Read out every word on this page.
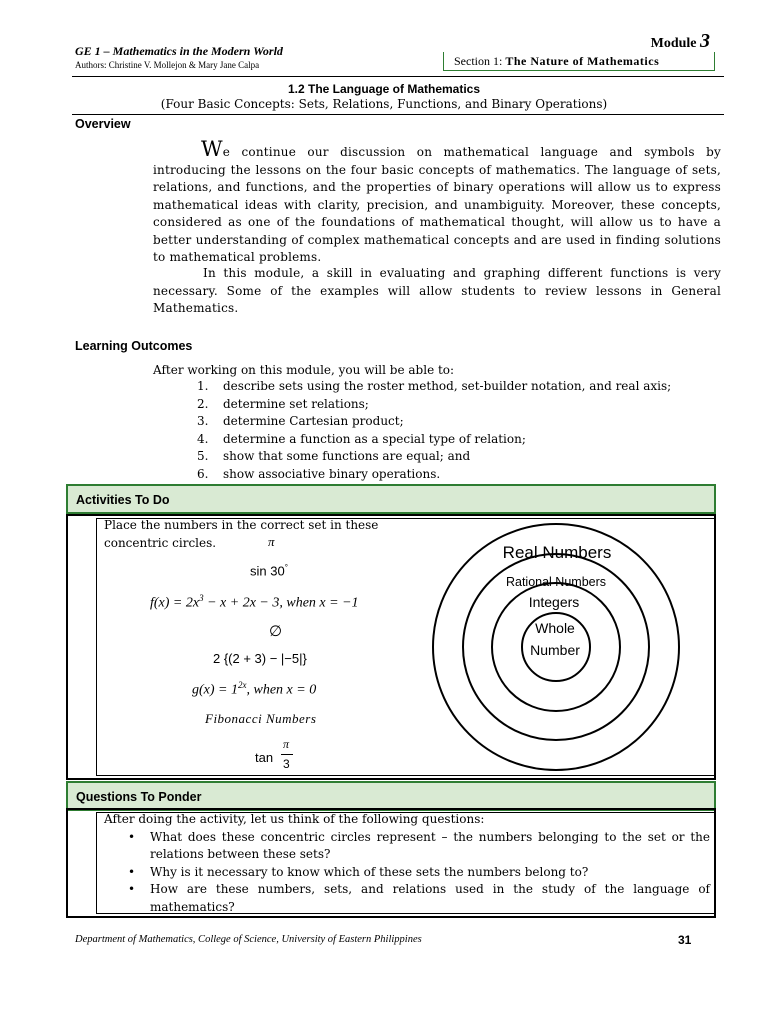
GE 1 – Mathematics in the Modern World
Authors: Christine V. Mollejon & Mary Jane Calpa
Module 3
Section 1: The Nature of Mathematics
1.2 The Language of Mathematics
(Four Basic Concepts: Sets, Relations, Functions, and Binary Operations)
Overview
We continue our discussion on mathematical language and symbols by introducing the lessons on the four basic concepts of mathematics. The language of sets, relations, and functions, and the properties of binary operations will allow us to express mathematical ideas with clarity, precision, and unambiguity. Moreover, these concepts, considered as one of the foundations of mathematical thought, will allow us to have a better understanding of complex mathematical concepts and are used in finding solutions to mathematical problems.
In this module, a skill in evaluating and graphing different functions is very necessary. Some of the examples will allow students to review lessons in General Mathematics.
Learning Outcomes
After working on this module, you will be able to:
1. describe sets using the roster method, set-builder notation, and real axis;
2. determine set relations;
3. determine Cartesian product;
4. determine a function as a special type of relation;
5. show that some functions are equal; and
6. show associative binary operations.
Activities To Do
Place the numbers in the correct set in these concentric circles.	π
sin 30°
$f(x) = 2x^3 - x + 2x - 3$, when x = −1
∅
2 {(2 + 3) − |−5|}
$g(x) = 1^{2x}$, when x = 0
Fibonacci Numbers
tan
π
3
Real Numbers
Rational Numbers
Integers
Whole
Number
Questions To Ponder
After doing the activity, let us think of the following questions:
• What does these concentric circles represent – the numbers belonging to the set or the relations between these sets?
• Why is it necessary to know which of these sets the numbers belong to?
• How are these numbers, sets, and relations used in the study of the language of mathematics?
Department of Mathematics, College of Science, University of Eastern Philippines	31
